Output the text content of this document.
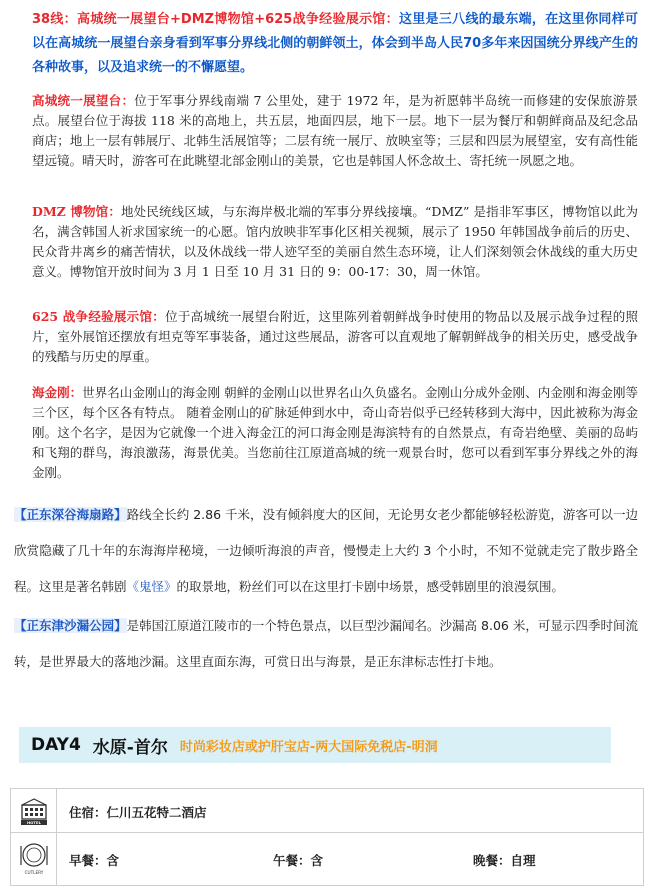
38线：高城统一展望台+DMZ博物馆+625战争经验展示馆：这里是三八线的最东端，在这里你同样可以在高城统一展望台亲身看到军事分界线北侧的朝鲜领土，体会到半岛人民70多年来因国统分界线产生的各种故事，以及追求统一的不懈愿望。
高城统一展望台：位于军事分界线南端 7 公里处，建于 1972 年，是为祈愿韩半岛统一而修建的安保旅游景点。展望台位于海拔 118 米的高地上，共五层，地面四层，地下一层。地下一层为餐厅和朝鲜商品及纪念品商店；地上一层有韩展厅、北韩生活展馆等；二层有统一展厅、放映室等；三层和四层为展望室，安有高性能望远镜。晴天时，游客可在此眺望北部金刚山的美景，它也是韩国人怀念故土、寄托统一夙愿之地。
DMZ 博物馆：地处民统线区域，与东海岸极北端的军事分界线接壤。“DMZ” 是指非军事区，博物馆以此为名，满含韩国人祈求国家统一的心愿。馆内放映非军事化区相关视频，展示了 1950 年韩国战争前后的历史、民众背井离乡的痛苦情状，以及休战线一带人迹罕至的美丽自然生态环境，让人们深刻领会休战线的重大历史意义。博物馆开放时间为 3 月 1 日至 10 月 31 日的 9：00-17：30，周一休馆。
625 战争经验展示馆：位于高城统一展望台附近，这里陈列着朝鲜战争时使用的物品以及展示战争过程的照片，室外展馆还摆放有坦克等军事装备，通过这些展品，游客可以直观地了解朝鲜战争的相关历史，感受战争的残酷与历史的厚重。
海金刚：世界名山金刚山的海金刚 朝鲜的金刚山以世界名山久负盛名。金刚山分成外金刚、内金刚和海金刚等三个区，每个区各有特点。 随着金刚山的矿脉延伸到水中，奇山奇岩似乎已经转移到大海中，因此被称为海金刚。这个名字，是因为它就像一个进入海金江的河口海金刚是海滨特有的自然景点，有奇岩绝壁、美丽的岛屿和飞翔的群鸟，海浪激荡，海景优美。当您前往江原道高城的统一观景台时，您可以看到军事分界线之外的海金刚。
【正东深谷海扇路】路线全长约 2.86 千米，没有倾斜度大的区间，无论男女老少都能够轻松游览，游客可以一边欣赏隐藏了几十年的东海海岸秘境，一边倾听海浪的声音，慢慢走上大约 3 个小时，不知不觉就走完了散步路全程。这里是著名韩剧《鬼怪》的取景地，粉丝们可以在这里打卡剧中场景，感受韩剧里的浪漫氛围。
【正东津沙漏公园】是韩国江原道江陵市的一个特色景点，以巨型沙漏闻名。沙漏高 8.06 米，可显示四季时间流转，是世界最大的落地沙漏。这里直面东海，可赏日出与海景，是正东津标志性打卡地。
DAY4 水原-首尔 时尚彩妆店或护肝宝店-两大国际免税店-明洞
HOTEL
住宿：仁川五花特二酒店
CUTLERY
早餐：含	午餐：含	晚餐：自理
